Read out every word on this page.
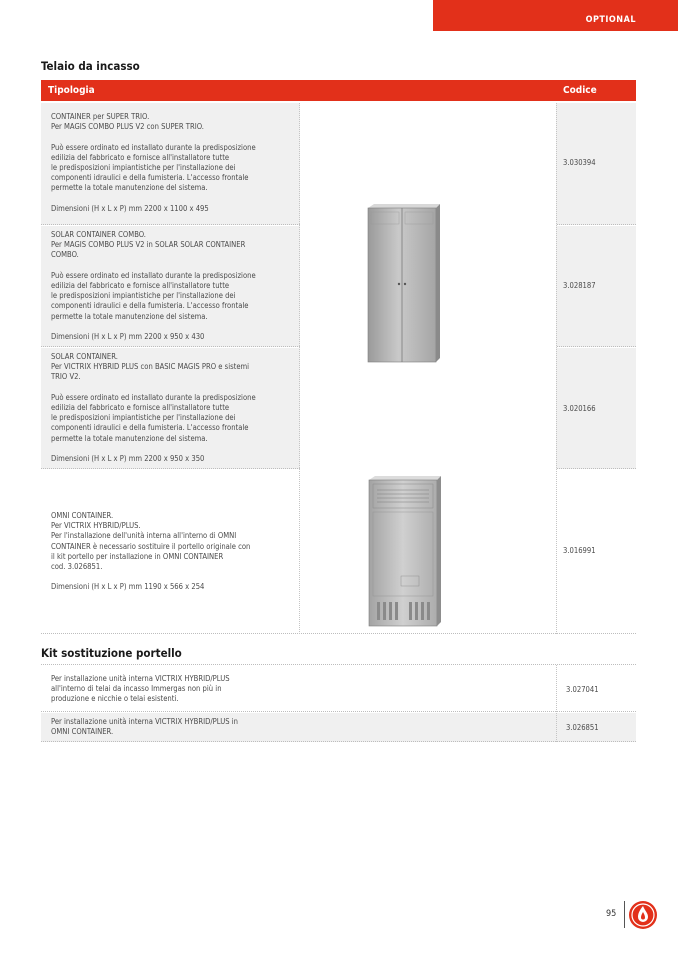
OPTIONAL
Telaio da incasso
Tipologia	Codice
CONTAINER per SUPER TRIO.
Per MAGIS COMBO PLUS V2 con SUPER TRIO.

Può essere ordinato ed installato durante la predisposizione
edilizia del fabbricato e fornisce all'installatore tutte
le predisposizioni impiantistiche per l'installazione dei
componenti idraulici e della fumisteria. L'accesso frontale
permette la totale manutenzione del sistema.

Dimensioni (H x L x P) mm 2200 x 1100 x 495
3.030394
SOLAR CONTAINER COMBO.
Per MAGIS COMBO PLUS V2 in SOLAR SOLAR CONTAINER
COMBO.

Può essere ordinato ed installato durante la predisposizione
edilizia del fabbricato e fornisce all'installatore tutte
le predisposizioni impiantistiche per l'installazione dei
componenti idraulici e della fumisteria. L'accesso frontale
permette la totale manutenzione del sistema.

Dimensioni (H x L x P) mm 2200 x 950 x 430
3.028187
SOLAR CONTAINER.
Per VICTRIX HYBRID PLUS con BASIC MAGIS PRO e sistemi
TRIO V2.

Può essere ordinato ed installato durante la predisposizione
edilizia del fabbricato e fornisce all'installatore tutte
le predisposizioni impiantistiche per l'installazione dei
componenti idraulici e della fumisteria. L'accesso frontale
permette la totale manutenzione del sistema.

Dimensioni (H x L x P) mm 2200 x 950 x 350
3.020166
OMNI CONTAINER.
Per VICTRIX HYBRID/PLUS.
Per l'installazione dell'unità interna all'interno di OMNI
CONTAINER è necessario sostituire il portello originale con
il kit portello per installazione in OMNI CONTAINER
cod. 3.026851.

Dimensioni (H x L x P) mm 1190 x 566 x 254
3.016991
Kit sostituzione portello
Per installazione unità interna VICTRIX HYBRID/PLUS
all'interno di telai da incasso Immergas non più in
produzione e nicchie o telai esistenti.
3.027041
Per installazione unità interna VICTRIX HYBRID/PLUS in
OMNI CONTAINER.	3.026851
95
